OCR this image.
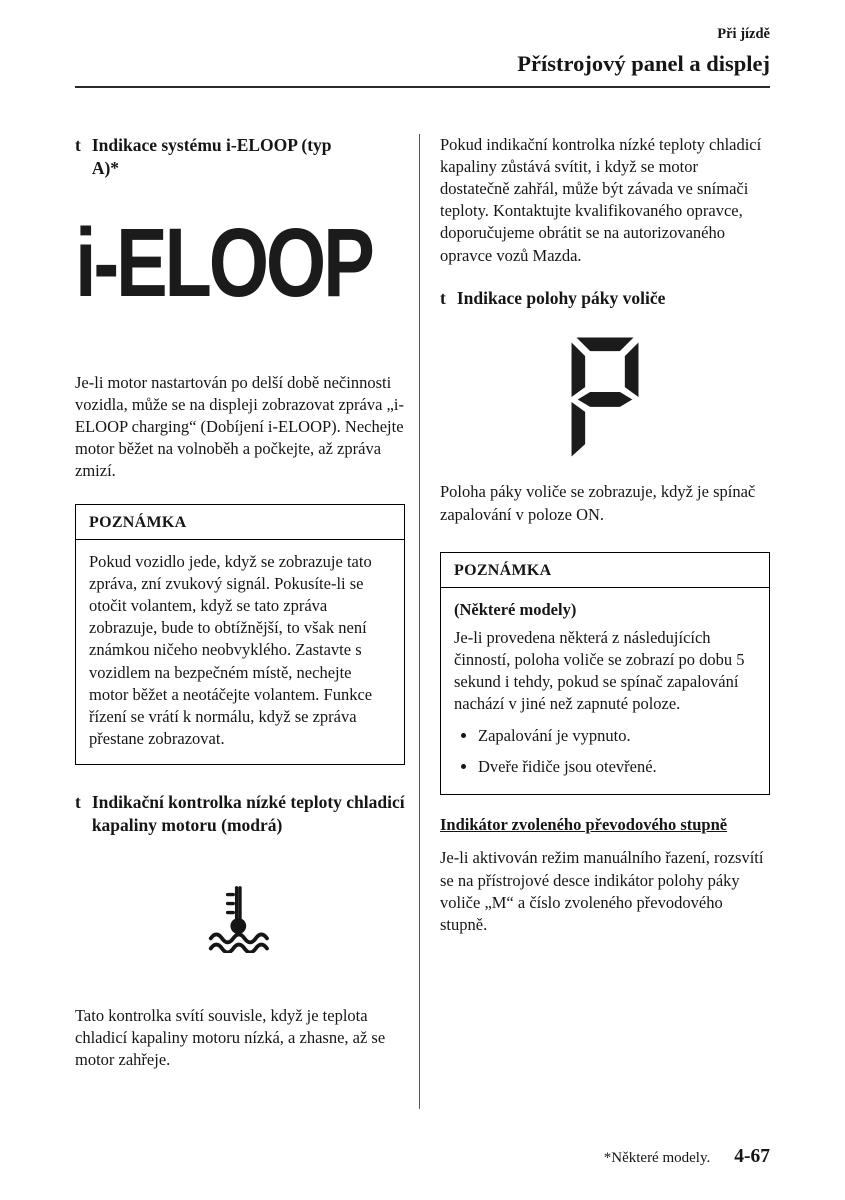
Při jízdě
Přístrojový panel a displej
t Indikace systému i-ELOOP (typ A)*
i-ELOOP

Je-li motor nastartován po delší době nečinnosti vozidla, může se na displeji zobrazovat zpráva „i-ELOOP charging“ (Dobíjení i-ELOOP). Nechejte motor běžet na volnoběh a počkejte, až zpráva zmizí.

POZNÁMKA
Pokud vozidlo jede, když se zobrazuje tato zpráva, zní zvukový signál. Pokusíte-li se otočit volantem, když se tato zpráva zobrazuje, bude to obtížnější, to však není známkou ničeho neobvyklého. Zastavte s vozidlem na bezpečném místě, nechejte motor běžet a neotáčejte volantem. Funkce řízení se vrátí k normálu, když se zpráva přestane zobrazovat.
t Indikační kontrolka nízké teploty chladicí kapaliny motoru (modrá)

Tato kontrolka svítí souvisle, když je teplota chladicí kapaliny motoru nízká, a zhasne, až se motor zahřeje.

Pokud indikační kontrolka nízké teploty chladicí kapaliny zůstává svítit, i když se motor dostatečně zahřál, může být závada ve snímači teploty. Kontaktujte kvalifikovaného opravce, doporučujeme obrátit se na autorizovaného opravce vozů Mazda.

t Indikace polohy páky voliče

Poloha páky voliče se zobrazuje, když je spínač zapalování v poloze ON.

POZNÁMKA
(Některé modely)
Je-li provedena některá z následujících činností, poloha voliče se zobrazí po dobu 5 sekund i tehdy, pokud se spínač zapalování nachází v jiné než zapnuté poloze.
• Zapalování je vypnuto.
• Dveře řidiče jsou otevřené.
Indikátor zvoleného převodového stupně

Je-li aktivován režim manuálního řazení, rozsvítí se na přístrojové desce indikátor polohy páky voliče „M“ a číslo zvoleného převodového stupně.

*Některé modely. 4-67
